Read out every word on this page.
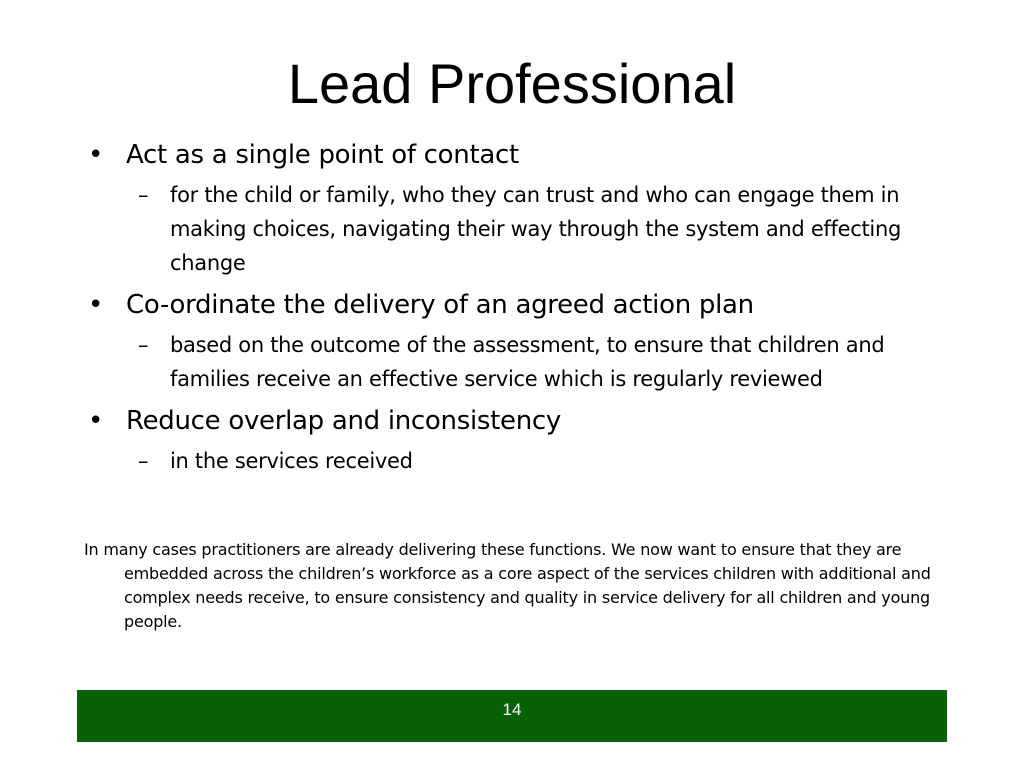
Lead Professional
• Act as a single point of contact
– for the child or family, who they can trust and who can engage them in making choices, navigating their way through the system and effecting change
• Co-ordinate the delivery of an agreed action plan
– based on the outcome of the assessment, to ensure that children and families receive an effective service which is regularly reviewed
• Reduce overlap and inconsistency
– in the services received
In many cases practitioners are already delivering these functions. We now want to ensure that they are embedded across the children’s workforce as a core aspect of the services children with additional and complex needs receive, to ensure consistency and quality in service delivery for all children and young people.
14
